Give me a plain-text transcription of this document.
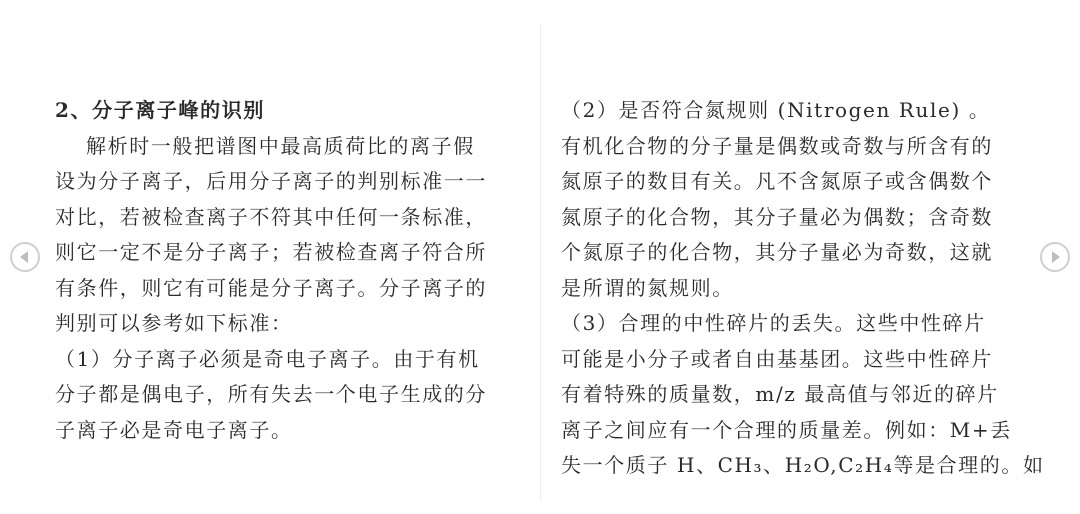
2、分子离子峰的识别
解析时一般把谱图中最高质荷比的离子假
设为分子离子，后用分子离子的判别标准一一
对比，若被检查离子不符其中任何一条标准，
则它一定不是分子离子；若被检查离子符合所
有条件，则它有可能是分子离子。分子离子的
判别可以参考如下标准：
（1）分子离子必须是奇电子离子。由于有机
分子都是偶电子，所有失去一个电子生成的分
子离子必是奇电子离子。
（2）是否符合氮规则 (Nitrogen Rule) 。
有机化合物的分子量是偶数或奇数与所含有的
氮原子的数目有关。凡不含氮原子或含偶数个
氮原子的化合物，其分子量必为偶数；含奇数
个氮原子的化合物，其分子量必为奇数，这就
是所谓的氮规则。
（3）合理的中性碎片的丢失。这些中性碎片
可能是小分子或者自由基基团。这些中性碎片
有着特殊的质量数，m/z 最高值与邻近的碎片
离子之间应有一个合理的质量差。例如：M+丢
失一个质子 H、CH₃、H₂O,C₂H₄等是合理的。如
